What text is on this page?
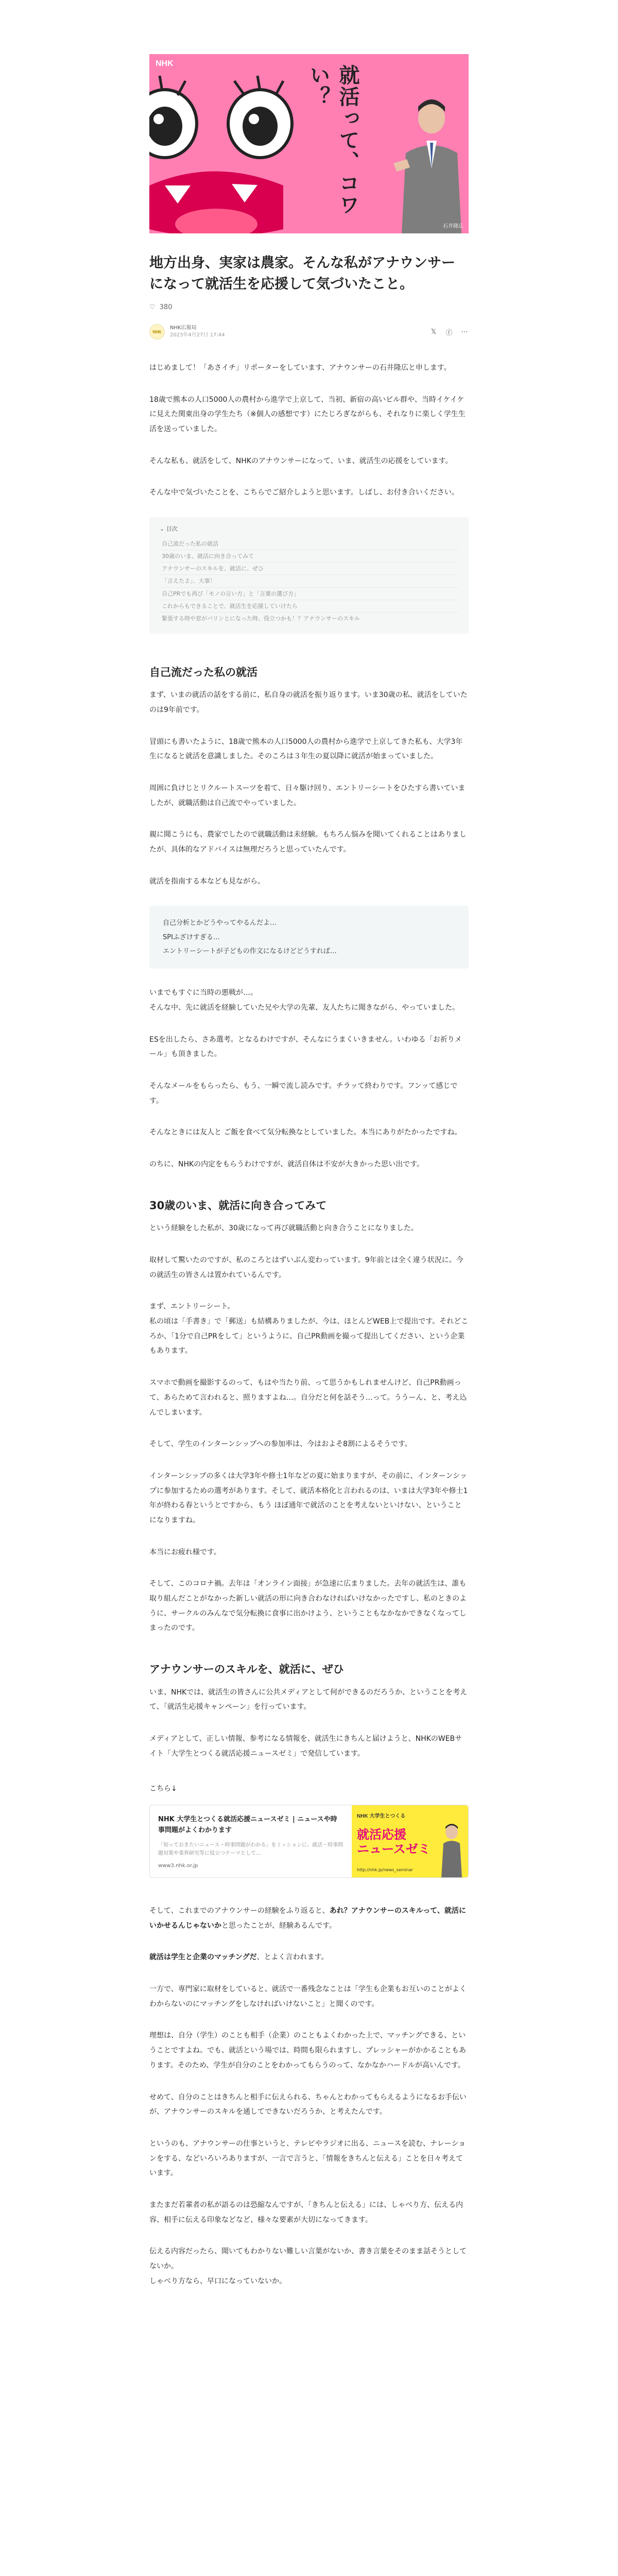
NHK
就活って、コワい？
石井隆広
地方出身、実家は農家。そんな私がアナウンサーになって就活生を応援して気づいたこと。
♡ 380
NHK
NHK広報局
2023年4月27日 17:44	𝕏 ⓕ ⋯

はじめまして！「あさイチ」リポーターをしています、アナウンサーの石井隆広と申します。

18歳で熊本の人口5000人の農村から進学で上京して、当初、新宿の高いビル群や、当時イケイケに見えた関東出身の学生たち（※個人の感想です）にたじろぎながらも、それなりに楽しく学生生活を送っていました。

そんな私も、就活をして、NHKのアナウンサーになって、いま、就活生の応援をしています。

そんな中で気づいたことを、こちらでご紹介しようと思います。しばし、お付き合いください。

⌄ 目次
自己流だった私の就活
30歳のいま、就活に向き合ってみて
アナウンサーのスキルを、就活に、ぜひ
「言えたよ」、大事！
自己PRでも再び「モノの言い方」と「言葉の選び方」
これからもできることで、就活生を応援していけたら
緊張する時や窓がバリンとになった時、役立つかも！？アナウンサーのスキル
自己流だった私の就活

まず、いまの就活の話をする前に、私自身の就活を振り返ります。いま30歳の私、就活をしていたのは9年前です。

冒頭にも書いたように、18歳で熊本の人口5000人の農村から進学で上京してきた私も、大学3年生になると就活を意識しました。そのころは３年生の夏以降に就活が始まっていました。

周囲に負けじとリクルートスーツを着て、日々駆け回り、エントリーシートをひたすら書いていましたが、就職活動は自己流でやっていました。

親に聞こうにも、農家でしたので就職活動は未経験。もちろん悩みを聞いてくれることはありましたが、具体的なアドバイスは無理だろうと思っていたんです。

就活を指南する本なども見ながら。

自己分析とかどうやってやるんだよ…
SPIふざけすぎる…
エントリーシートが子どもの作文になるけどどうすれば…

いまでもすぐに当時の悪戦が…。
そんな中、先に就活を経験していた兄や大学の先輩、友人たちに聞きながら、やっていました。

ESを出したら、さあ選考。となるわけですが、そんなにうまくいきません。いわゆる「お祈りメール」も頂きました。

そんなメールをもらったら、もう、一瞬で流し読みです。チラッて終わりです。フンッて感じです。

そんなときには友人と ご飯を食べて気分転換なとしていました。本当にありがたかったですね。

のちに、NHKの内定をもらうわけですが、就活自体は不安が大きかった思い出です。

30歳のいま、就活に向き合ってみて

という経験をした私が、30歳になって再び就職活動と向き合うことになりました。

取材して驚いたのですが、私のころとはずいぶん変わっています。9年前とは全く違う状況に。今の就活生の皆さんは置かれているんです。

まず、エントリーシート。
私の頃は「手書き」で「郵送」も結構ありましたが、今は、ほとんどWEB上で提出です。それどころか、「1分で自己PRをして」というように、自己PR動画を撮って提出してください、という企業もあります。

スマホで動画を撮影するのって、もはや当たり前、って思うかもしれませんけど、自己PR動画って、あらためて言われると、照りますよね…。自分だと何を話そう…って。ううーん、と、考え込んでしまいます。

そして、学生のインターンシップへの参加率は、今はおよそ8割によるそうです。

インターンシップの多くは大学3年や修士1年などの夏に始まりますが、その前に、インターンシップに参加するための選考があります。そして、就活本格化と言われるのは、いまは大学3年や修士1年が終わる春というとですから、もう ほぼ通年で就活のことを考えないといけない、ということになりますね。

本当にお疲れ様です。

そして、このコロナ禍。去年は「オンライン面接」が急速に広まりました。去年の就活生は、誰も取り組んだことがなかった新しい就活の形に向き合わなければいけなかったですし、私のときのように、サークルのみんなで気分転換に食事に出かけよう、ということもなかなかできなくなってしまったのです。

アナウンサーのスキルを、就活に、ぜひ

いま、NHKでは、就活生の皆さんに公共メディアとして何ができるのだろうか、ということを考えて、「就活生応援キャンペーン」を行っています。

メディアとして、正しい情報、参考になる情報を、就活生にきちんと届けようと、NHKのWEBサイト「大学生とつくる就活応援ニュースゼミ」で発信しています。

こちら↓

NHK 大学生とつくる就活応援ニュースゼミ | ニュースや時事問題がよくわかります
「知っておきたいニュース・時事問題がわかる」をミッションに、就活・時事問題対策や業界研究等に役立つテーマとして…
www3.nhk.or.jp
NHK 大学生とつくる
就活応援
ニュースゼミ
http://nhk.jp/news_seminar

そして、これまでのアナウンサーの経験をふり返ると、あれ？アナウンサーのスキルって、就活にいかせるんじゃないかと思ったことが、経験あるんです。

就活は学生と企業のマッチングだ、とよく言われます。

一方で、専門家に取材をしていると、就活で一番残念なことは「学生も企業もお互いのことがよくわからないのにマッチングをしなければいけないこと」と聞くのです。

理想は、自分（学生）のことも相手（企業）のこともよくわかった上で、マッチングできる、ということですよね。でも、就活という場では、時間も限られますし、プレッシャーがかかることもあります。そのため、学生が自分のことをわかってもらうのって、なかなかハードルが高いんです。

せめて、自分のことはきちんと相手に伝えられる、ちゃんとわかってもらえるようになるお手伝いが、アナウンサーのスキルを通してできないだろうか、と考えたんです。

というのも、アナウンサーの仕事というと、テレビやラジオに出る、ニュースを読む、ナレーションをする、などいろいろありますが、一言で言うと、「情報をきちんと伝える」ことを日々考えています。

またまだ若輩者の私が語るのは恐縮なんですが、「きちんと伝える」には、しゃべり方、伝える内容、相手に伝える印象などなど、様々な要素が大切になってきます。

伝える内容だったら、聞いてもわかりない難しい言葉がないか、書き言葉をそのまま話そうとしてないか。
しゃべり方なら、早口になっていないか。
